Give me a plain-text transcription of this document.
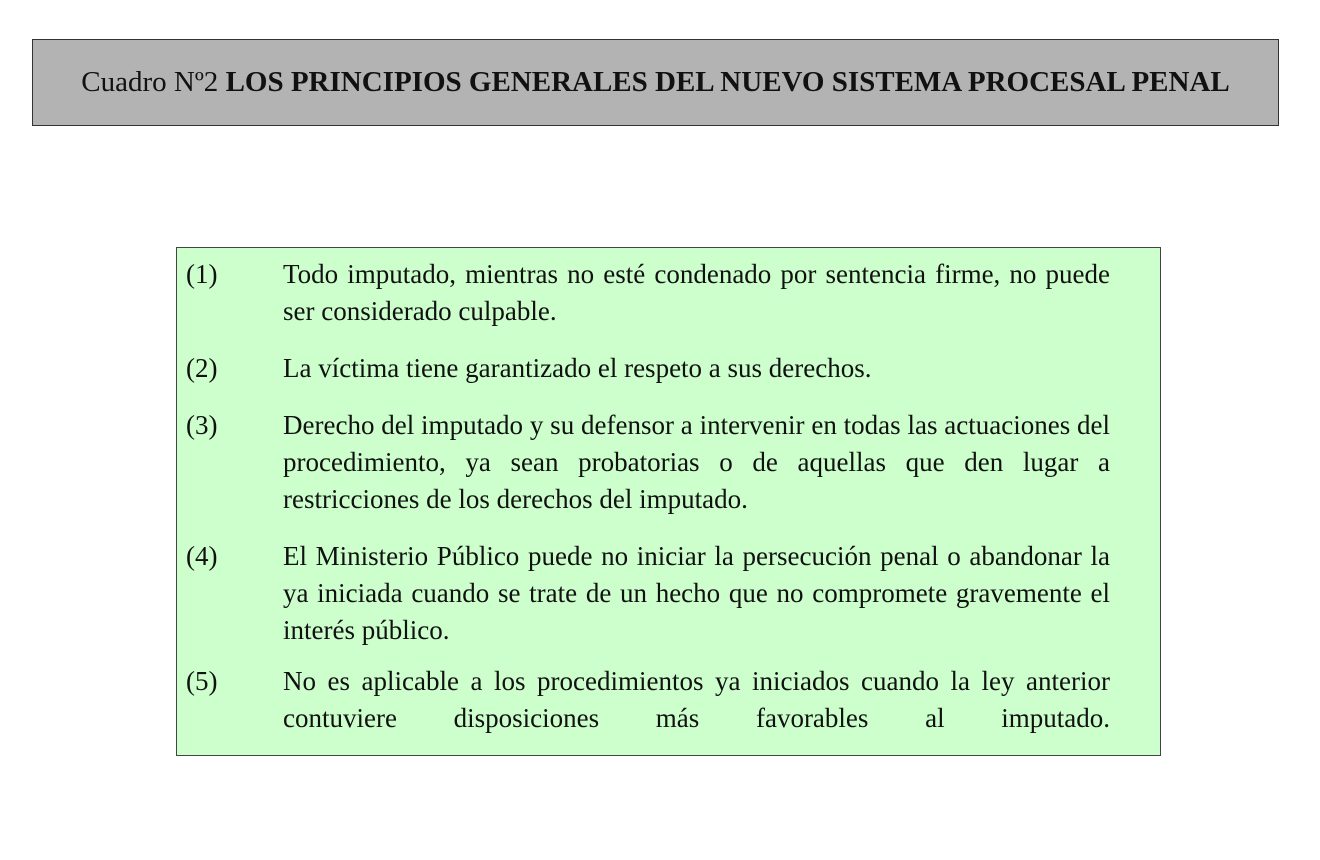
Cuadro Nº2 LOS PRINCIPIOS GENERALES DEL NUEVO SISTEMA PROCESAL PENAL
(1)	Todo imputado, mientras no esté condenado por sentencia firme, no puede ser considerado culpable.
(2)	La víctima tiene garantizado el respeto a sus derechos.
(3)	Derecho del imputado y su defensor a intervenir en todas las actuaciones del procedimiento, ya sean probatorias o de aquellas que den lugar a restricciones de los derechos del imputado.
(4)	El Ministerio Público puede no iniciar la persecución penal o abandonar la ya iniciada cuando se trate de un hecho que no compromete gravemente el interés público.
(5)	No es aplicable a los procedimientos ya iniciados cuando la ley anterior contuviere disposiciones más favorables al imputado.
